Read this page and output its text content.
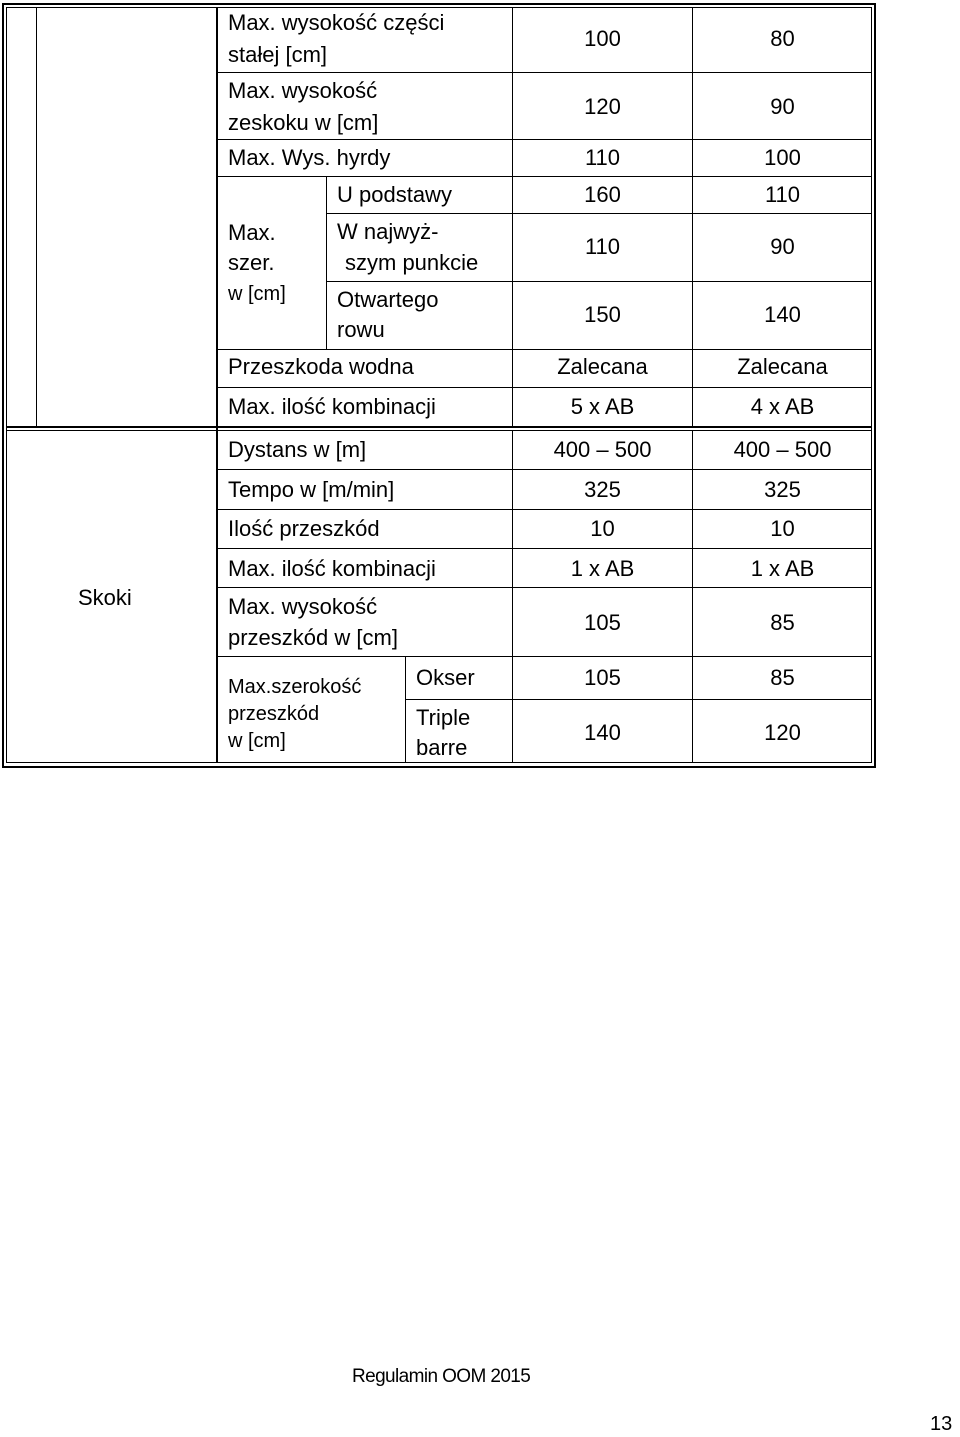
Max. wysokość części
stałej [cm]
100	80
Max. wysokość
zeskoku w [cm]
120	90
Max. Wys. hyrdy	110	100
Max.
szer.
w [cm]
U podstawy	160	110
W najwyż-
szym punkcie
110	90
Otwartego
rowu
150	140
Przeszkoda wodna	Zalecana	Zalecana
Max. ilość kombinacji	5 x AB	4 x AB
Skoki
Dystans w [m]	400 – 500	400 – 500
Tempo w [m/min]	325	325
Ilość przeszkód	10	10
Max. ilość kombinacji	1 x AB	1 x AB
Max. wysokość
przeszkód w [cm]
105	85
Max.szerokość
przeszkód
w [cm]
Okser	105	85
Triple
barre
140	120
Regulamin OOM 2015
13
